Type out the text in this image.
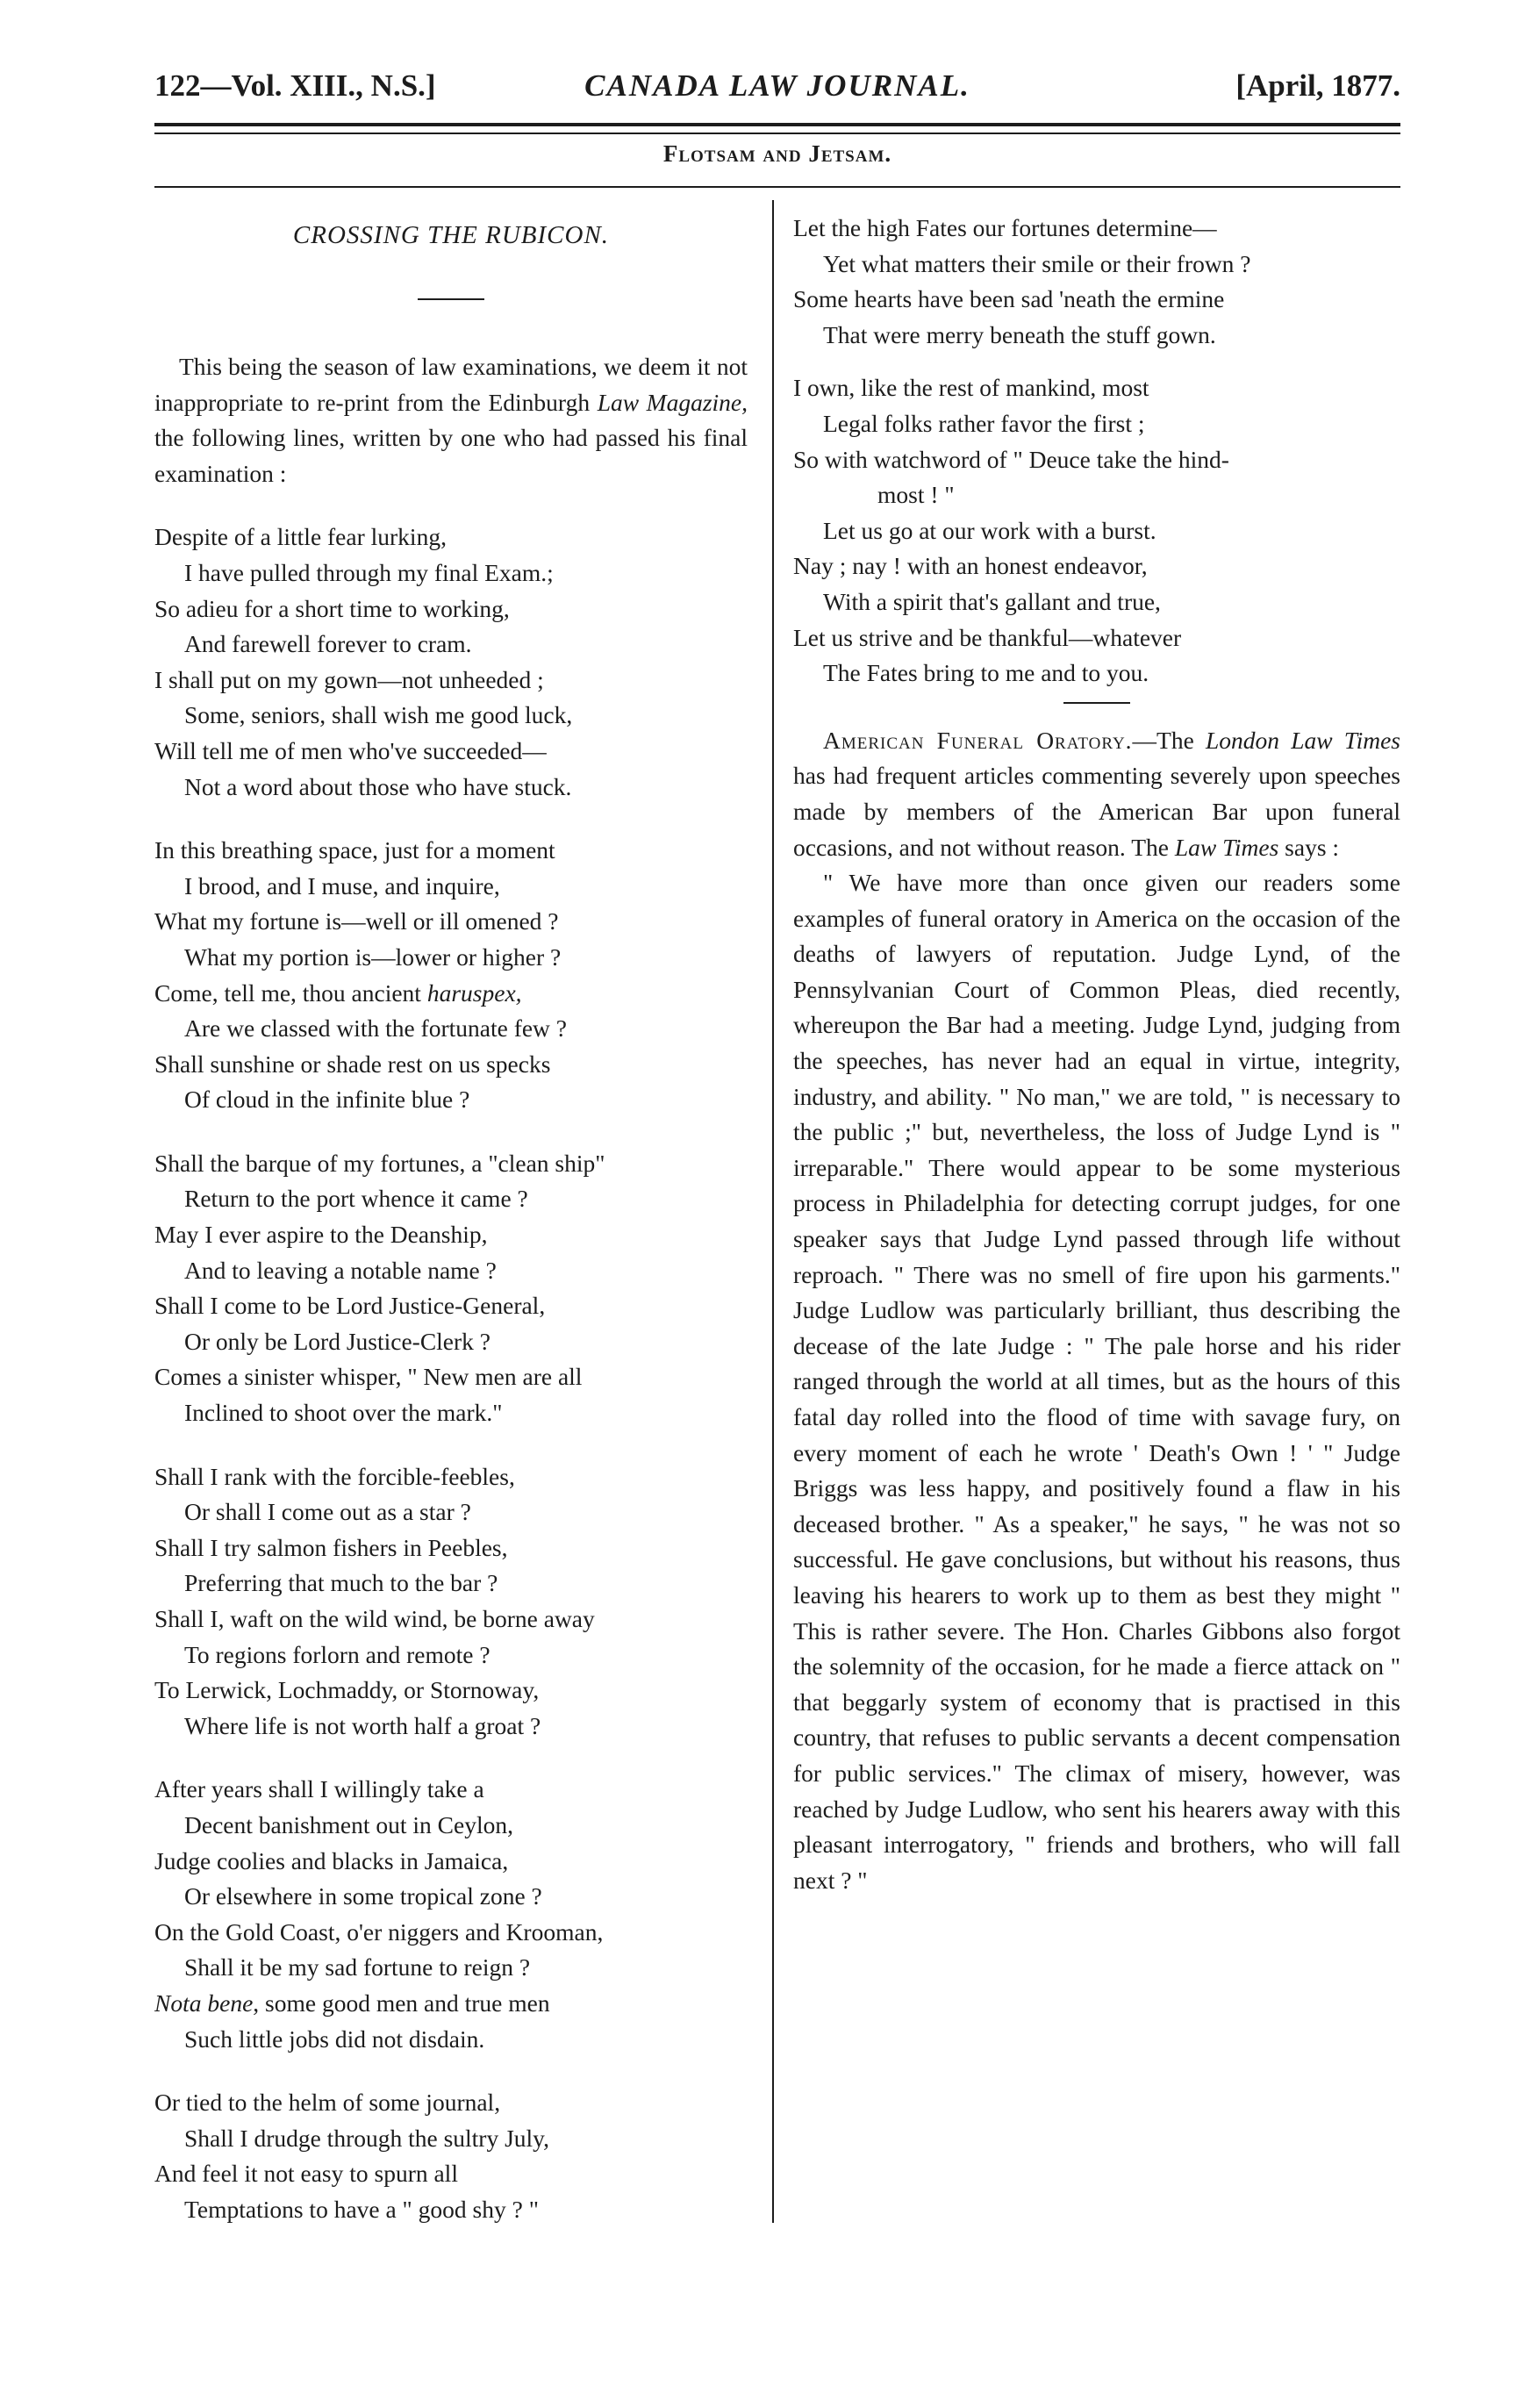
122—Vol. XIII., N.S.]	CANADA LAW JOURNAL.	[April, 1877.
Flotsam and Jetsam.
CROSSING THE RUBICON.

This being the season of law examinations, we deem it not inappropriate to re-print from the Edinburgh Law Magazine, the following lines, written by one who had passed his final examination :

Despite of a little fear lurking,
I have pulled through my final Exam.;
So adieu for a short time to working,
And farewell forever to cram.
I shall put on my gown—not unheeded ;
Some, seniors, shall wish me good luck,
Will tell me of men who've succeeded—
Not a word about those who have stuck.
In this breathing space, just for a moment
I brood, and I muse, and inquire,
What my fortune is—well or ill omened ?
What my portion is—lower or higher ?
Come, tell me, thou ancient haruspex,
Are we classed with the fortunate few ?
Shall sunshine or shade rest on us specks
Of cloud in the infinite blue ?
Shall the barque of my fortunes, a "clean ship"
Return to the port whence it came ?
May I ever aspire to the Deanship,
And to leaving a notable name ?
Shall I come to be Lord Justice-General,
Or only be Lord Justice-Clerk ?
Comes a sinister whisper, " New men are all
Inclined to shoot over the mark."
Shall I rank with the forcible-feebles,
Or shall I come out as a star ?
Shall I try salmon fishers in Peebles,
Preferring that much to the bar ?
Shall I, waft on the wild wind, be borne away
To regions forlorn and remote ?
To Lerwick, Lochmaddy, or Stornoway,
Where life is not worth half a groat ?
After years shall I willingly take a
Decent banishment out in Ceylon,
Judge coolies and blacks in Jamaica,
Or elsewhere in some tropical zone ?
On the Gold Coast, o'er niggers and Krooman,
Shall it be my sad fortune to reign ?
Nota bene, some good men and true men
Such little jobs did not disdain.
Or tied to the helm of some journal,
Shall I drudge through the sultry July,
And feel it not easy to spurn all
Temptations to have a " good shy ? "
Let the high Fates our fortunes determine—
Yet what matters their smile or their frown ?
Some hearts have been sad 'neath the ermine
That were merry beneath the stuff gown.
I own, like the rest of mankind, most
Legal folks rather favor the first ;
So with watchword of " Deuce take the hind-
most ! "
Let us go at our work with a burst.
Nay ; nay ! with an honest endeavor,
With a spirit that's gallant and true,
Let us strive and be thankful—whatever
The Fates bring to me and to you.

American Funeral Oratory.—The London Law Times has had frequent articles commenting severely upon speeches made by members of the American Bar upon funeral occasions, and not without reason. The Law Times says :

" We have more than once given our readers some examples of funeral oratory in America on the occasion of the deaths of lawyers of reputation. Judge Lynd, of the Pennsylvanian Court of Common Pleas, died recently, whereupon the Bar had a meeting. Judge Lynd, judging from the speeches, has never had an equal in virtue, integrity, industry, and ability. " No man," we are told, " is necessary to the public ;" but, nevertheless, the loss of Judge Lynd is " irreparable." There would appear to be some mysterious process in Philadelphia for detecting corrupt judges, for one speaker says that Judge Lynd passed through life without reproach. " There was no smell of fire upon his garments." Judge Ludlow was particularly brilliant, thus describing the decease of the late Judge : " The pale horse and his rider ranged through the world at all times, but as the hours of this fatal day rolled into the flood of time with savage fury, on every moment of each he wrote ' Death's Own ! ' " Judge Briggs was less happy, and positively found a flaw in his deceased brother. " As a speaker," he says, " he was not so successful. He gave conclusions, but without his reasons, thus leaving his hearers to work up to them as best they might " This is rather severe. The Hon. Charles Gibbons also forgot the solemnity of the occasion, for he made a fierce attack on " that beggarly system of economy that is practised in this country, that refuses to public servants a decent compensation for public services." The climax of misery, however, was reached by Judge Ludlow, who sent his hearers away with this pleasant interrogatory, " friends and brothers, who will fall next ? "
